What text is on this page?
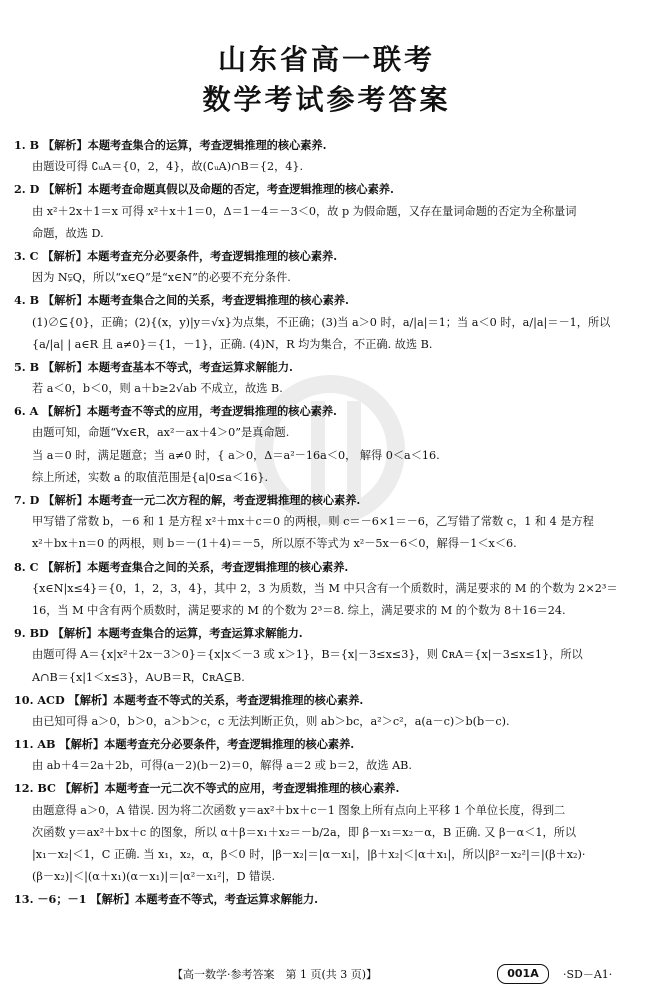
山东省高一联考
数学考试参考答案
1. B 【解析】本题考查集合的运算，考查逻辑推理的核心素养.
由题设可得 ∁ᵤA＝{0，2，4}，故(∁ᵤA)∩B＝{2，4}.
2. D 【解析】本题考查命题真假以及命题的否定，考查逻辑推理的核心素养.
由 x²＋2x＋1＝x 可得 x²＋x＋1＝0，Δ＝1－4＝－3＜0，故 p 为假命题，又存在量词命题的否定为全称量词
命题，故选 D.
3. C 【解析】本题考查充分必要条件，考查逻辑推理的核心素养.
因为 N⫋Q，所以“x∈Q”是“x∈N”的必要不充分条件.
4. B 【解析】本题考查集合之间的关系，考查逻辑推理的核心素养.
(1)∅⊆{0}，正确；(2){(x，y)|y＝√x}为点集，不正确；(3)当 a＞0 时，a/|a|＝1；当 a＜0 时，a/|a|＝－1，所以
{a/|a| | a∈R 且 a≠0}＝{1，－1}，正确. (4)N，R 均为集合，不正确. 故选 B.
5. B 【解析】本题考查基本不等式，考查运算求解能力.
若 a＜0，b＜0，则 a＋b≥2√ab 不成立，故选 B.
6. A 【解析】本题考查不等式的应用，考查逻辑推理的核心素养.
由题可知，命题“∀x∈R，ax²－ax＋4＞0”是真命题.
当 a＝0 时，满足题意；当 a≠0 时，{ a＞0，Δ＝a²－16a＜0， 解得 0＜a＜16.
综上所述，实数 a 的取值范围是{a|0≤a＜16}.
7. D 【解析】本题考查一元二次方程的解，考查逻辑推理的核心素养.
甲写错了常数 b，－6 和 1 是方程 x²＋mx＋c＝0 的两根，则 c＝－6×1＝－6，乙写错了常数 c，1 和 4 是方程
x²＋bx＋n＝0 的两根，则 b＝－(1＋4)＝－5，所以原不等式为 x²－5x－6＜0，解得－1＜x＜6.
8. C 【解析】本题考查集合之间的关系，考查逻辑推理的核心素养.
{x∈N|x≤4}＝{0，1，2，3，4}，其中 2，3 为质数，当 M 中只含有一个质数时，满足要求的 M 的个数为 2×2³＝
16，当 M 中含有两个质数时，满足要求的 M 的个数为 2³＝8. 综上，满足要求的 M 的个数为 8＋16＝24.
9. BD 【解析】本题考查集合的运算，考查运算求解能力.
由题可得 A＝{x|x²＋2x－3＞0}＝{x|x＜－3 或 x＞1}，B＝{x|－3≤x≤3}，则 ∁ʀA＝{x|－3≤x≤1}，所以
A∩B＝{x|1＜x≤3}，A∪B＝R，∁ʀA⊆B.
10. ACD 【解析】本题考查不等式的关系，考查逻辑推理的核心素养.
由已知可得 a＞0，b＞0，a＞b＞c，c 无法判断正负，则 ab＞bc，a²＞c²，a(a－c)＞b(b－c).
11. AB 【解析】本题考查充分必要条件，考查逻辑推理的核心素养.
由 ab＋4＝2a＋2b，可得(a－2)(b－2)＝0，解得 a＝2 或 b＝2，故选 AB.
12. BC 【解析】本题考查一元二次不等式的应用，考查逻辑推理的核心素养.
由题意得 a＞0，A 错误. 因为将二次函数 y＝ax²＋bx＋c－1 图象上所有点向上平移 1 个单位长度，得到二
次函数 y＝ax²＋bx＋c 的图象，所以 α＋β＝x₁＋x₂＝－b/2a，即 β－x₁＝x₂－α，B 正确. 又 β－α＜1，所以
|x₁－x₂|＜1，C 正确. 当 x₁，x₂，α，β＜0 时，|β－x₂|＝|α－x₁|，|β＋x₂|＜|α＋x₁|，所以|β²－x₂²|＝|(β＋x₂)·
(β－x₂)|＜|(α＋x₁)(α－x₁)|＝|α²－x₁²|，D 错误.
13. －6；－1 【解析】本题考查不等式，考查运算求解能力.
【高一数学·参考答案　第 1 页(共 3 页)】	001A	·SD－A1·
